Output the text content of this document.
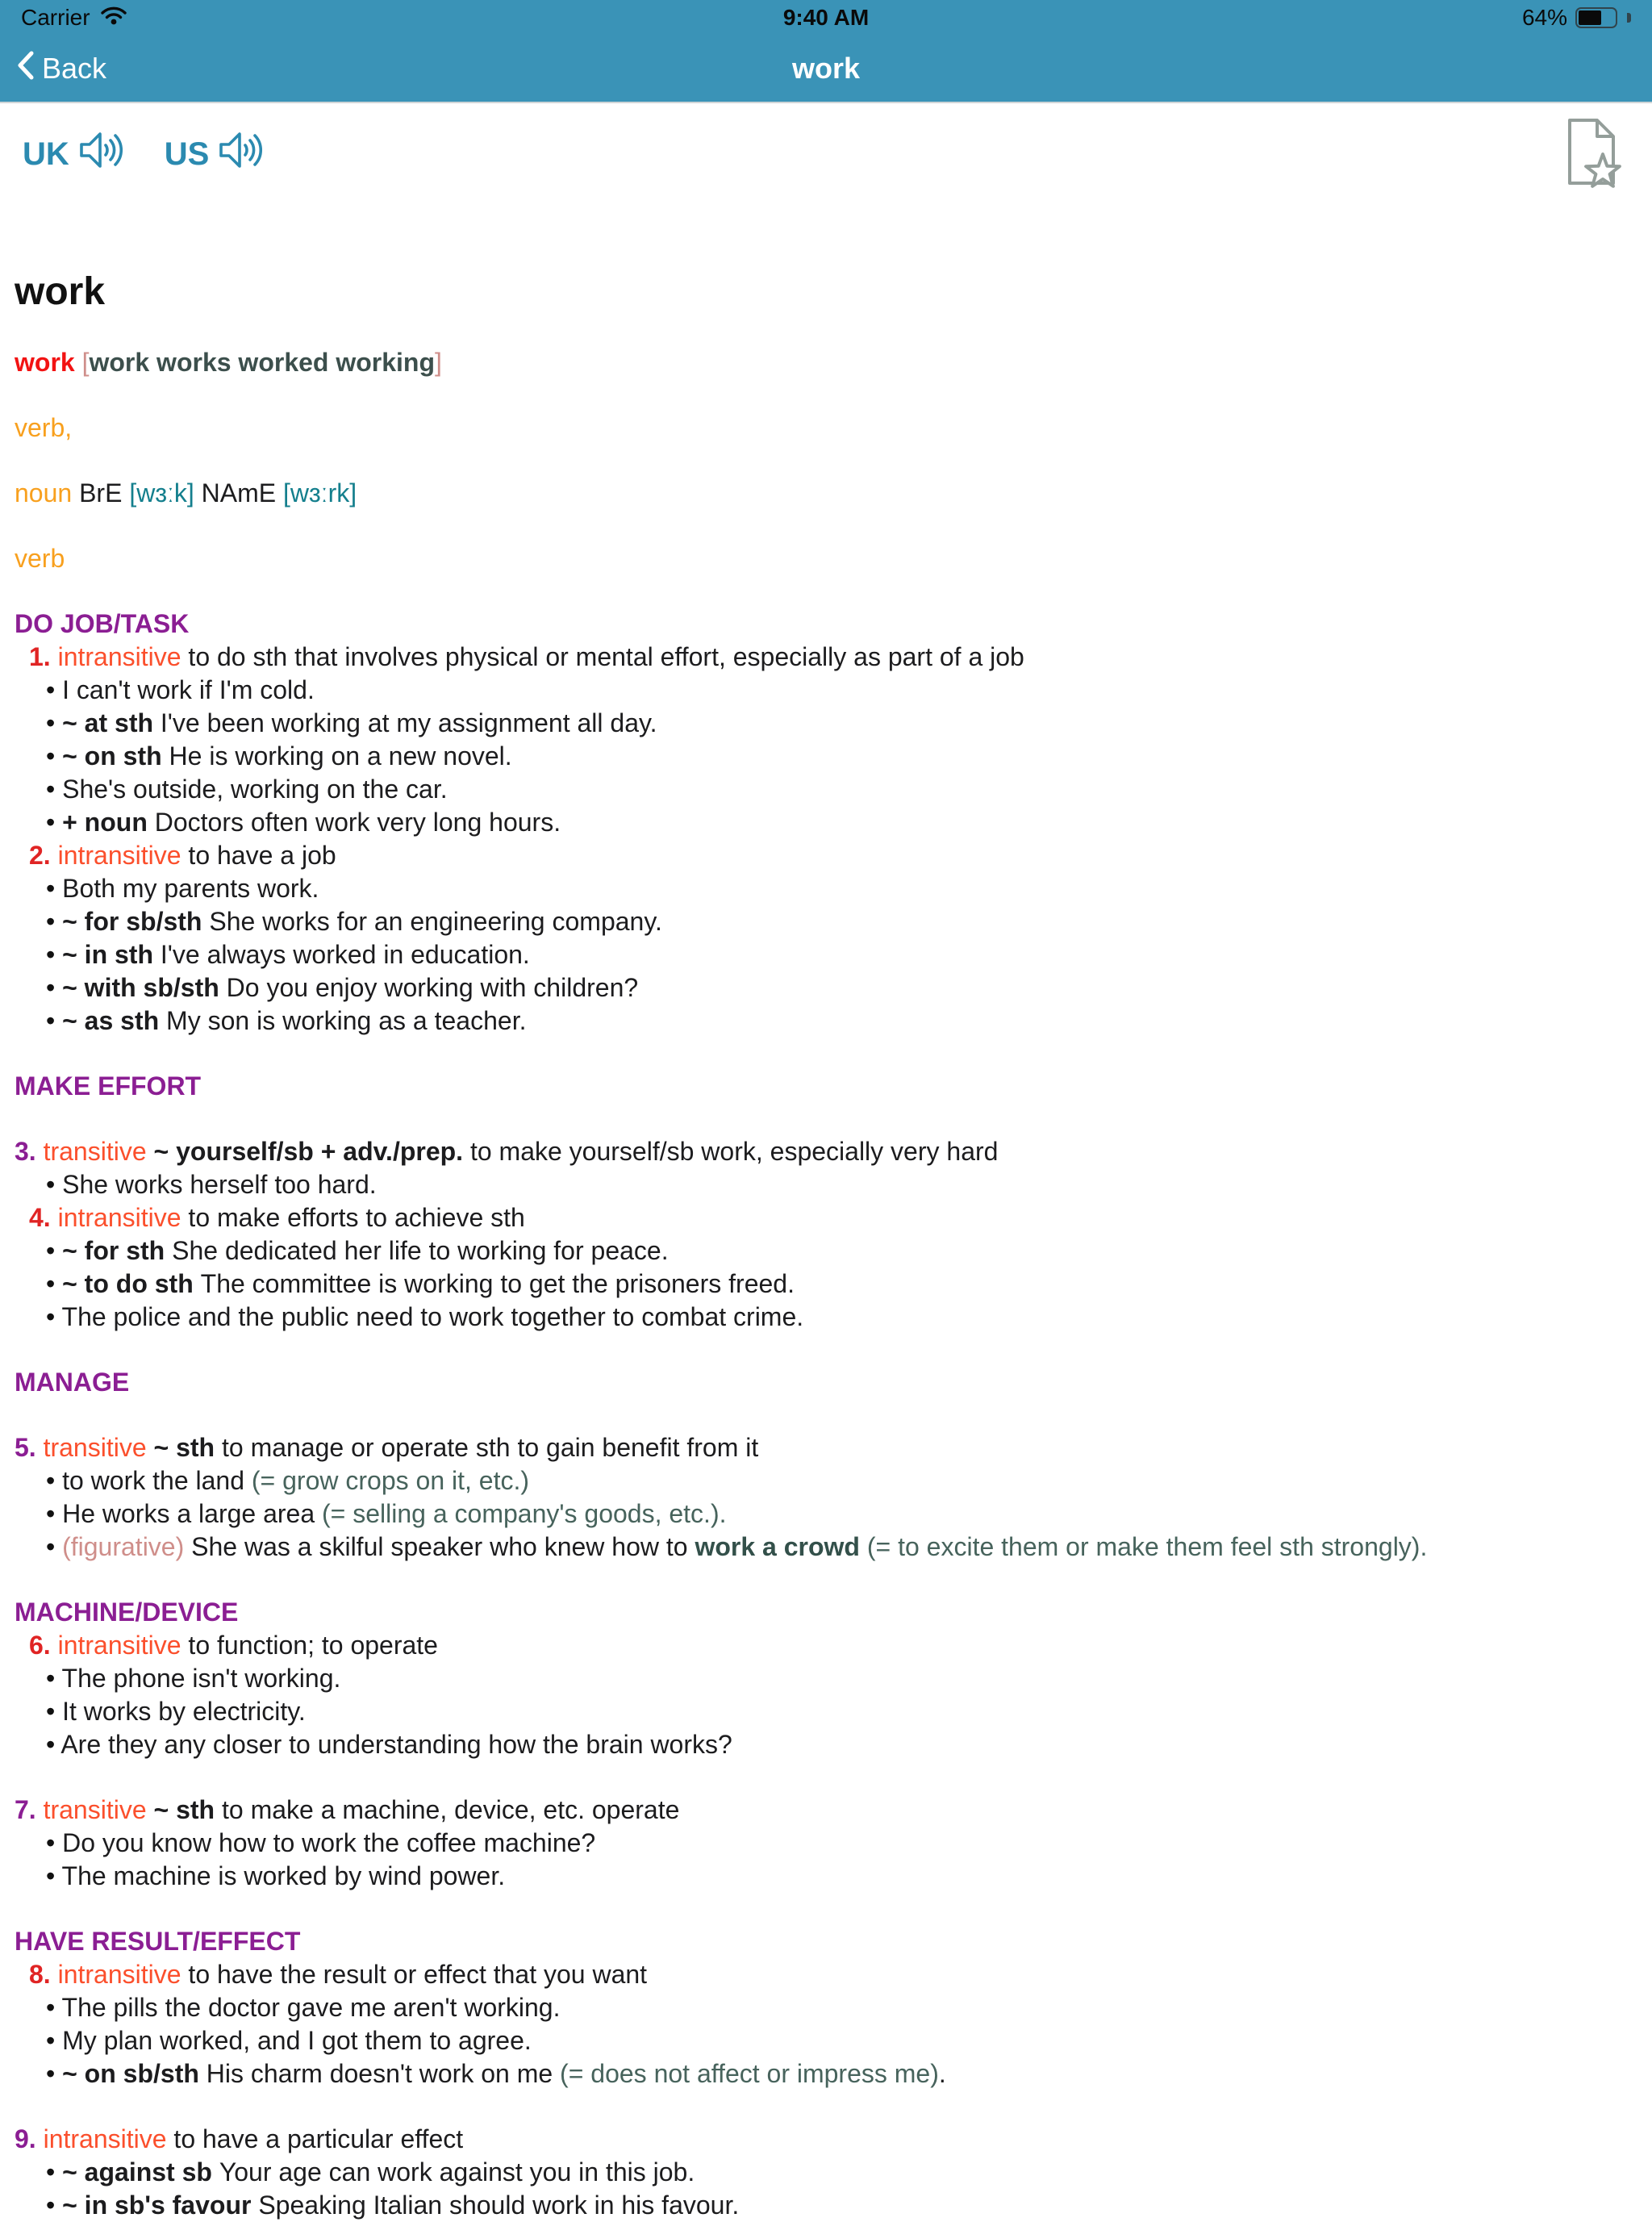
Carrier	9:40 AM	64%
Back	work
UK	US
work
work [work works worked working]
verb,
noun BrE [wɜːk] NAmE [wɜːrk]
verb
DO JOB/TASK
1. intransitive to do sth that involves physical or mental effort, especially as part of a job
• I can't work if I'm cold.
• ~ at sth I've been working at my assignment all day.
• ~ on sth He is working on a new novel.
• She's outside, working on the car.
• + noun Doctors often work very long hours.
2. intransitive to have a job
• Both my parents work.
• ~ for sb/sth She works for an engineering company.
• ~ in sth I've always worked in education.
• ~ with sb/sth Do you enjoy working with children?
• ~ as sth My son is working as a teacher.
MAKE EFFORT
3. transitive ~ yourself/sb + adv./prep. to make yourself/sb work, especially very hard
• She works herself too hard.
4. intransitive to make efforts to achieve sth
• ~ for sth She dedicated her life to working for peace.
• ~ to do sth The committee is working to get the prisoners freed.
• The police and the public need to work together to combat crime.
MANAGE
5. transitive ~ sth to manage or operate sth to gain benefit from it
• to work the land (= grow crops on it, etc.)
• He works a large area (= selling a company's goods, etc.).
• (figurative) She was a skilful speaker who knew how to work a crowd (= to excite them or make them feel sth strongly).
MACHINE/DEVICE
6. intransitive to function; to operate
• The phone isn't working.
• It works by electricity.
• Are they any closer to understanding how the brain works?
7. transitive ~ sth to make a machine, device, etc. operate
• Do you know how to work the coffee machine?
• The machine is worked by wind power.
HAVE RESULT/EFFECT
8. intransitive to have the result or effect that you want
• The pills the doctor gave me aren't working.
• My plan worked, and I got them to agree.
• ~ on sb/sth His charm doesn't work on me (= does not affect or impress me).
9. intransitive to have a particular effect
• ~ against sb Your age can work against you in this job.
• ~ in sb's favour Speaking Italian should work in his favour.
